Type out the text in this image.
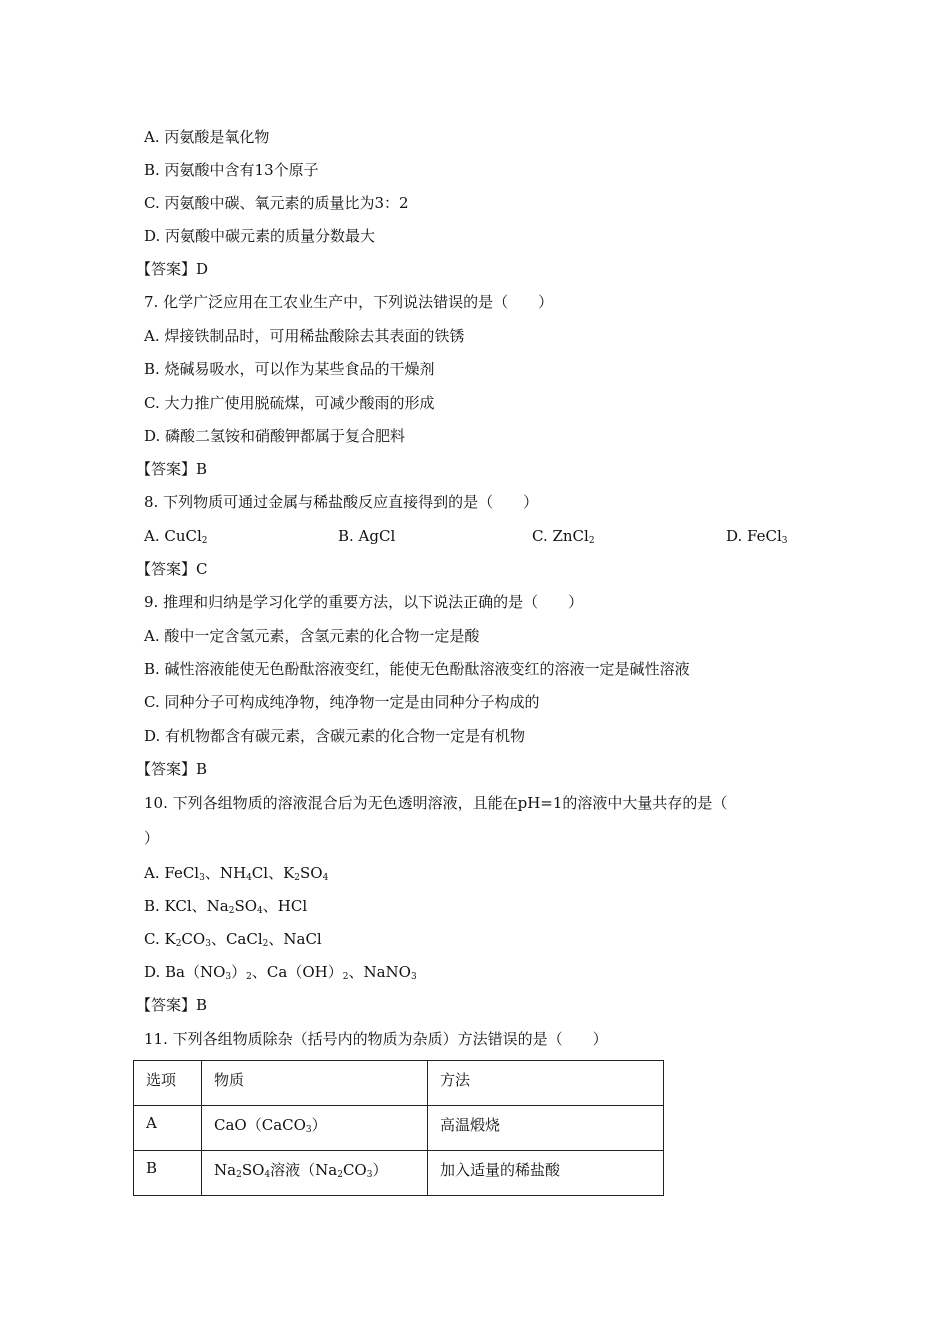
A. 丙氨酸是氧化物
B. 丙氨酸中含有13个原子
C. 丙氨酸中碳、氧元素的质量比为3：2
D. 丙氨酸中碳元素的质量分数最大
【答案】D
7. 化学广泛应用在工农业生产中，下列说法错误的是（　　）
A. 焊接铁制品时，可用稀盐酸除去其表面的铁锈
B. 烧碱易吸水，可以作为某些食品的干燥剂
C. 大力推广使用脱硫煤，可减少酸雨的形成
D. 磷酸二氢铵和硝酸钾都属于复合肥料
【答案】B
8. 下列物质可通过金属与稀盐酸反应直接得到的是（　　）
A. CuCl$_2$	B. AgCl	C. ZnCl$_2$	D. FeCl$_3$
【答案】C
9. 推理和归纳是学习化学的重要方法，以下说法正确的是（　　）
A. 酸中一定含氢元素，含氢元素的化合物一定是酸
B. 碱性溶液能使无色酚酞溶液变红，能使无色酚酞溶液变红的溶液一定是碱性溶液
C. 同种分子可构成纯净物，纯净物一定是由同种分子构成的
D. 有机物都含有碳元素，含碳元素的化合物一定是有机物
【答案】B
10. 下列各组物质的溶液混合后为无色透明溶液，且能在pH=1的溶液中大量共存的是（
）
A. FeCl$_3$、$NH_4Cl$、$K_2SO_4$
B. KCl、$Na_2SO_4$、HCl
C. $K_2CO_3$、CaCl$_2$、NaCl
D. $Ba(NO_3)_2$、$Ca(OH)_2$、NaNO$_3$
【答案】B
11. 下列各组物质除杂（括号内的物质为杂质）方法错误的是（　　）
选项	物质	方法
A	CaO（CaCO$_3$）	高温煅烧
B	$Na_2SO_4$溶液$(Na_2CO_3)$	加入适量的稀盐酸
